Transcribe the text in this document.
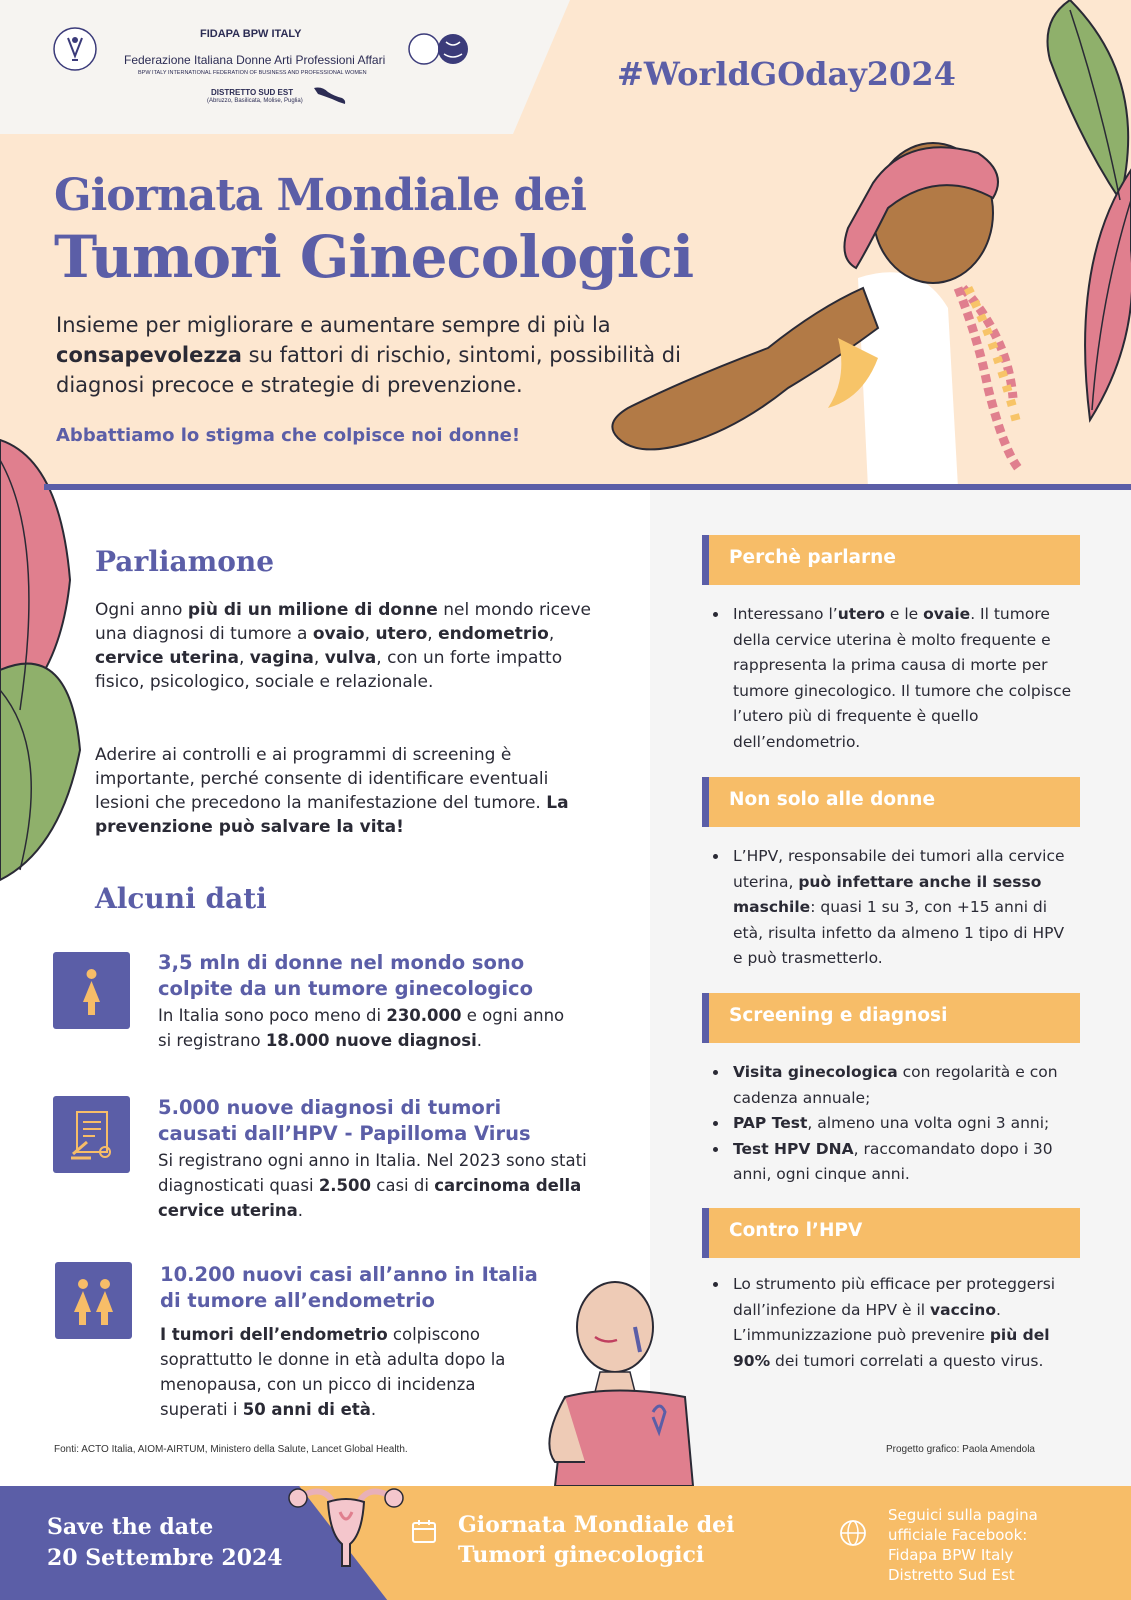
FIDAPA BPW ITALY
Federazione Italiana Donne Arti Professioni Affari
BPW ITALY INTERNATIONAL FEDERATION OF BUSINESS AND PROFESSIONAL WOMEN
DISTRETTO SUD EST
(Abruzzo, Basilicata, Molise, Puglia)
#WorldGOday2024
Giornata Mondiale dei
Tumori Ginecologici
Insieme per migliorare e aumentare sempre di più la consapevolezza su fattori di rischio, sintomi, possibilità di diagnosi precoce e strategie di prevenzione.
Abbattiamo lo stigma che colpisce noi donne!
Parliamone
Ogni anno più di un milione di donne nel mondo riceve una diagnosi di tumore a ovaio, utero, endometrio, cervice uterina, vagina, vulva, con un forte impatto fisico, psicologico, sociale e relazionale.
Aderire ai controlli e ai programmi di screening è importante, perché consente di identificare eventuali lesioni che precedono la manifestazione del tumore. La prevenzione può salvare la vita!
Alcuni dati
3,5 mln di donne nel mondo sono
colpite da un tumore ginecologico
In Italia sono poco meno di 230.000 e ogni anno si registrano 18.000 nuove diagnosi.
5.000 nuove diagnosi di tumori
causati dall’HPV - Papilloma Virus
Si registrano ogni anno in Italia. Nel 2023 sono stati diagnosticati quasi 2.500 casi di carcinoma della cervice uterina.
10.200 nuovi casi all’anno in Italia
di tumore all’endometrio
I tumori dell’endometrio colpiscono soprattutto le donne in età adulta dopo la menopausa, con un picco di incidenza superati i 50 anni di età.
Fonti: ACTO Italia, AIOM-AIRTUM, Ministero della Salute, Lancet Global Health.	Progetto grafico: Paola Amendola
Perchè parlarne
• Interessano l’utero e le ovaie. Il tumore della cervice uterina è molto frequente e rappresenta la prima causa di morte per tumore ginecologico. Il tumore che colpisce l’utero più di frequente è quello dell’endometrio.
Non solo alle donne
• L’HPV, responsabile dei tumori alla cervice uterina, può infettare anche il sesso maschile: quasi 1 su 3, con +15 anni di età, risulta infetto da almeno 1 tipo di HPV e può trasmetterlo.
Screening e diagnosi
• Visita ginecologica con regolarità e con cadenza annuale;
• PAP Test, almeno una volta ogni 3 anni;
• Test HPV DNA, raccomandato dopo i 30 anni, ogni cinque anni.
Contro l’HPV
• Lo strumento più efficace per proteggersi dall’infezione da HPV è il vaccino. L’immunizzazione può prevenire più del 90% dei tumori correlati a questo virus.
Save the date
20 Settembre 2024
Giornata Mondiale dei
Tumori ginecologici
Seguici sulla pagina
ufficiale Facebook:
Fidapa BPW Italy
Distretto Sud Est
